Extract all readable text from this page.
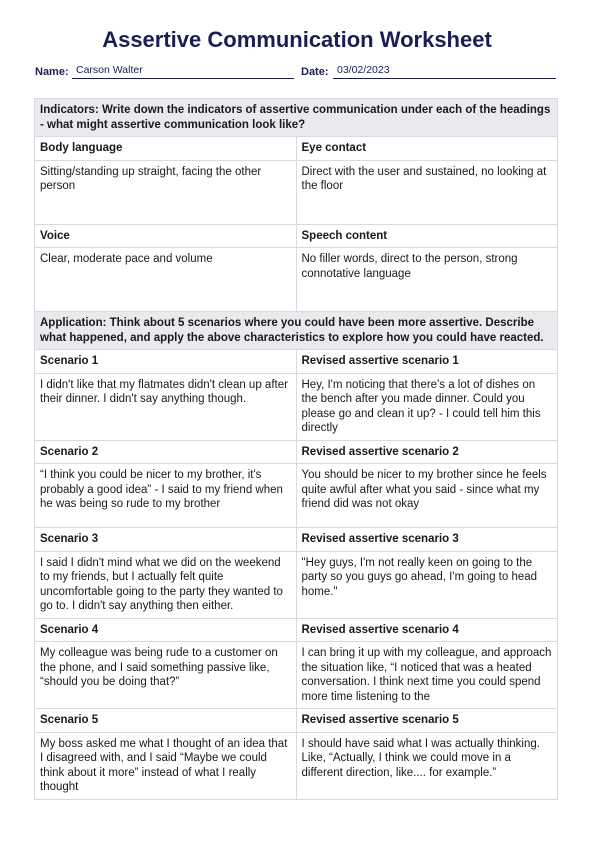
Assertive Communication Worksheet
Name: Carson Walter	Date: 03/02/2023
Indicators: Write down the indicators of assertive communication under each of the headings - what might assertive communication look like?	
Body language	Eye contact
Sitting/standing up straight, facing the other person	Direct with the user and sustained, no looking at the floor
Voice	Speech content
Clear, moderate pace and volume	No filler words, direct to the person, strong connotative language
Application: Think about 5 scenarios where you could have been more assertive. Describe what happened, and apply the above characteristics to explore how you could have reacted.	
Scenario 1	Revised assertive scenario 1
I didn't like that my flatmates didn't clean up after their dinner. I didn't say anything though.	Hey, I'm noticing that there's a lot of dishes on the bench after you made dinner. Could you please go and clean it up? - I could tell him this directly
Scenario 2	Revised assertive scenario 2
“I think you could be nicer to my brother, it's probably a good idea” - I said to my friend when he was being so rude to my brother	You should be nicer to my brother since he feels quite awful after what you said - since what my friend did was not okay
Scenario 3	Revised assertive scenario 3
I said I didn't mind what we did on the weekend to my friends, but I actually felt quite uncomfortable going to the party they wanted to go to. I didn't say anything then either.	"Hey guys, I'm not really keen on going to the party so you guys go ahead, I'm going to head home."
Scenario 4	Revised assertive scenario 4
My colleague was being rude to a customer on the phone, and I said something passive like, “should you be doing that?”	I can bring it up with my colleague, and approach the situation like, “I noticed that was a heated conversation. I think next time you could spend more time listening to the
Scenario 5	Revised assertive scenario 5
My boss asked me what I thought of an idea that I disagreed with, and I said “Maybe we could think about it more” instead of what I really thought	I should have said what I was actually thinking. Like, “Actually, I think we could move in a different direction, like.... for example.”
